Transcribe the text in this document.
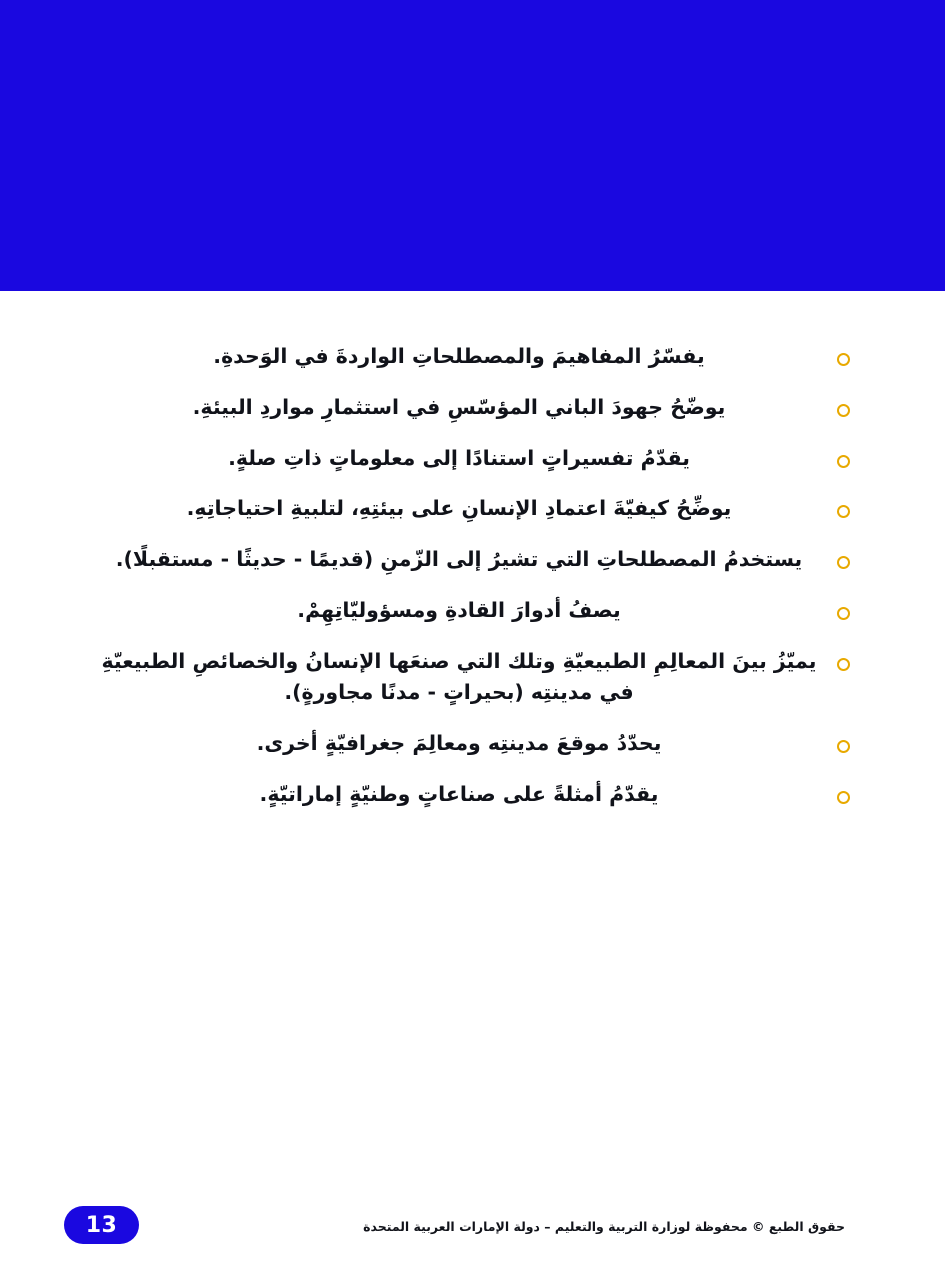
يفسّرُ المفاهيمَ والمصطلحاتِ الواردةَ في الوَحدةِ.
يوضّحُ جهودَ الباني المؤسّسِ في استثمارِ مواردِ البيئةِ.
يقدّمُ تفسيراتٍ استنادًا إلى معلوماتٍ ذاتِ صلةٍ.
يوضِّحُ كيفيّةَ اعتمادِ الإنسانِ على بيئتِهِ، لتلبيةِ احتياجاتِهِ.
يستخدمُ المصطلحاتِ التي تشيرُ إلى الزّمنِ (قديمًا - حديثًا - مستقبلًا).
يصفُ أدوارَ القادةِ ومسؤوليّاتِهِمْ.
يميّزُ بينَ المعالِمِ الطبيعيّةِ وتلك التي صنعَها الإنسانُ والخصائصِ الطبيعيّةِ في مدينتِه (بحيراتٍ - مدنًا مجاورةٍ).
يحدّدُ موقعَ مدينتِه ومعالِمَ جغرافيّةٍ أخرى.
يقدّمُ أمثلةً على صناعاتٍ وطنيّةٍ إماراتيّةٍ.
13	حقوق الطبع © محفوظة لوزارة التربية والتعليم – دولة الإمارات العربية المتحدة
